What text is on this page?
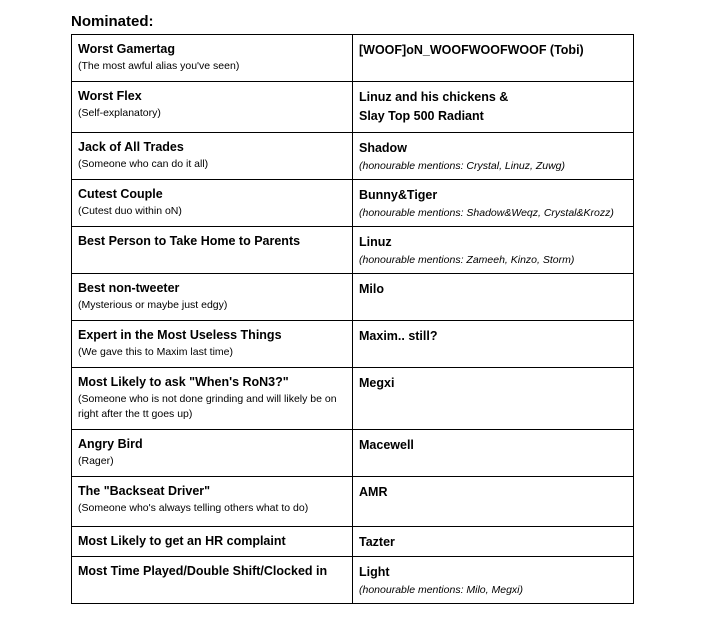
Nominated:

Worst Gamertag
(The most awful alias you've seen)	[WOOF]oN_WOOFWOOFWOOF (Tobi)

Worst Flex
(Self-explanatory)	Linuz and his chickens &
Slay Top 500 Radiant

Jack of All Trades
(Someone who can do it all)	Shadow
(honourable mentions: Crystal, Linuz, Zuwg)

Cutest Couple
(Cutest duo within oN)	Bunny&Tiger
(honourable mentions: Shadow&Weqz, Crystal&Krozz)

Best Person to Take Home to Parents	Linuz
(honourable mentions: Zameeh, Kinzo, Storm)

Best non-tweeter
(Mysterious or maybe just edgy)	Milo

Expert in the Most Useless Things
(We gave this to Maxim last time)	Maxim.. still?

Most Likely to ask "When's RoN3?"
(Someone who is not done grinding and will likely be on right after the tt goes up)	Megxi

Angry Bird
(Rager)	Macewell

The "Backseat Driver"
(Someone who's always telling others what to do)	AMR

Most Likely to get an HR complaint	Tazter

Most Time Played/Double Shift/Clocked in	Light
(honourable mentions: Milo, Megxi)
